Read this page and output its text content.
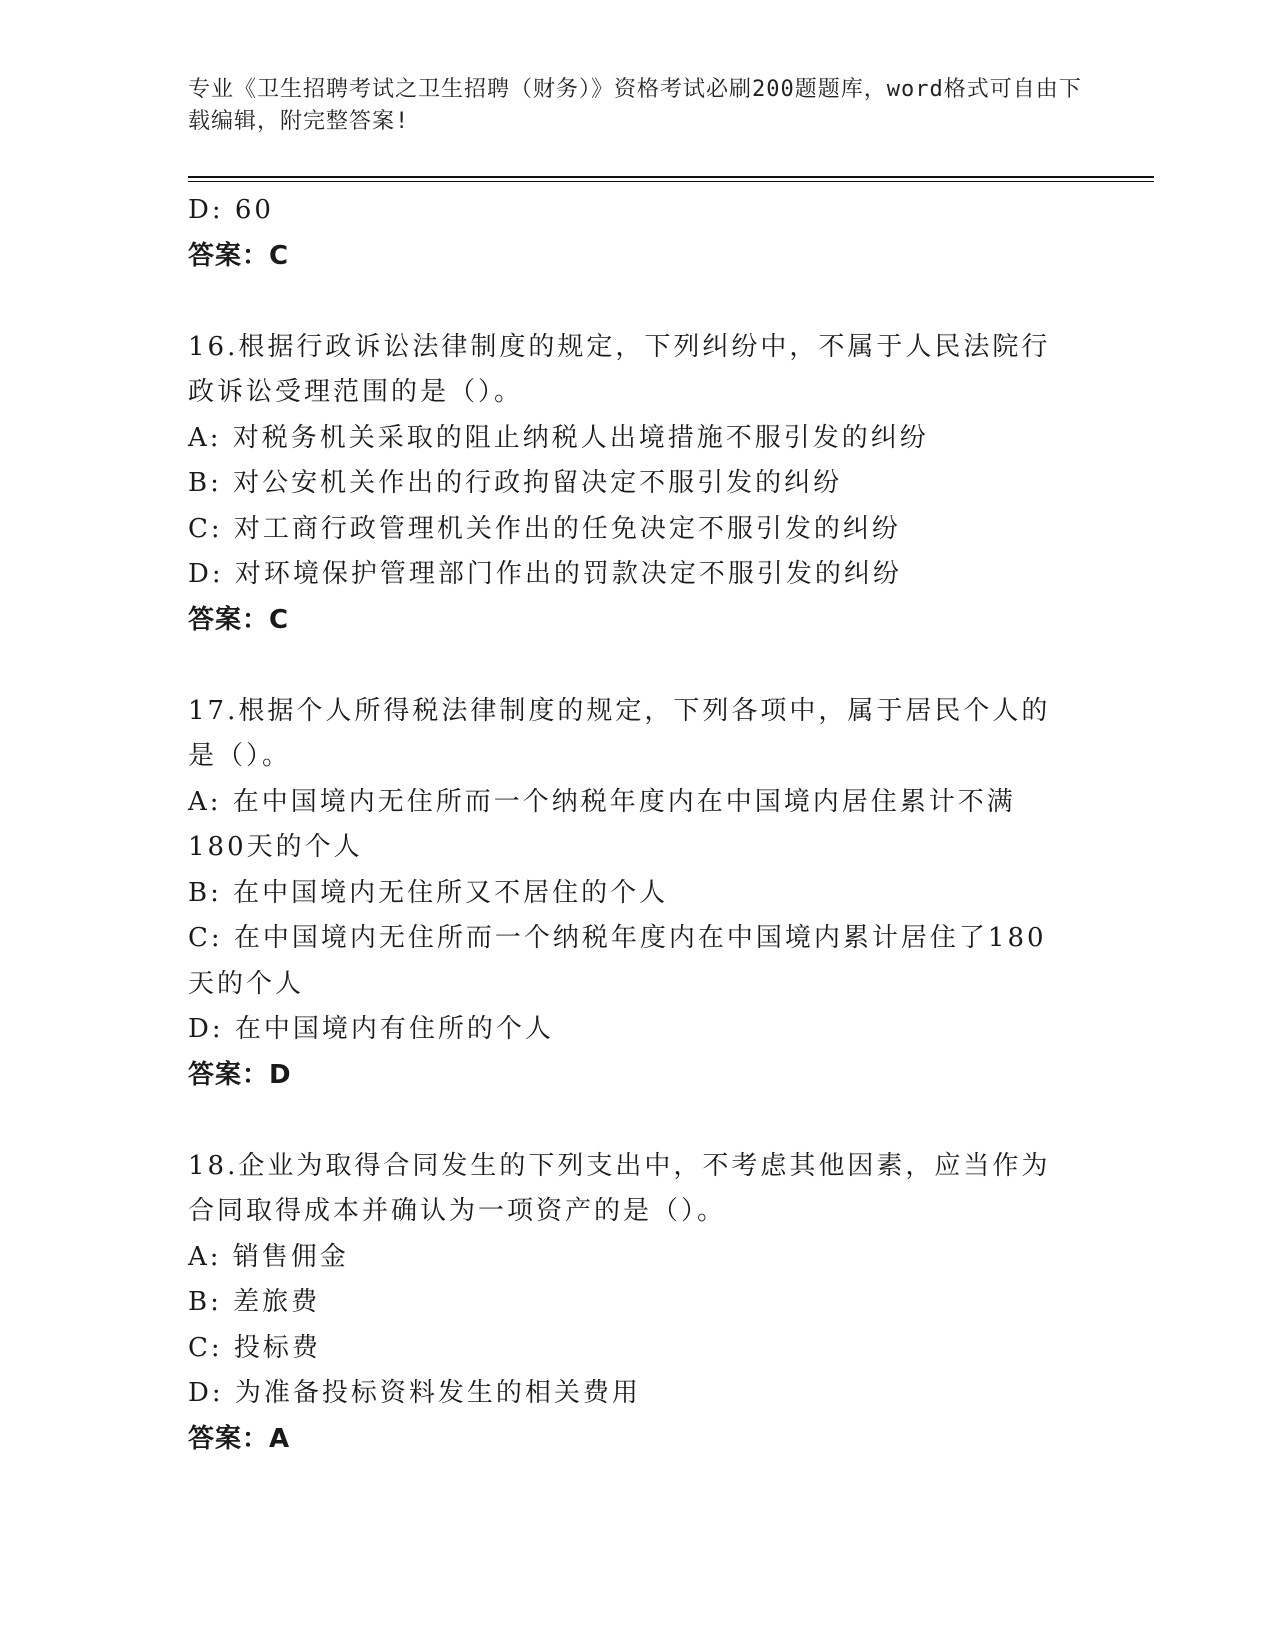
专业《卫生招聘考试之卫生招聘（财务）》资格考试必刷200题题库，word格式可自由下载编辑，附完整答案!
D: 60
答案：C
16.根据行政诉讼法律制度的规定，下列纠纷中，不属于人民法院行政诉讼受理范围的是（）。
A: 对税务机关采取的阻止纳税人出境措施不服引发的纠纷
B: 对公安机关作出的行政拘留决定不服引发的纠纷
C: 对工商行政管理机关作出的任免决定不服引发的纠纷
D: 对环境保护管理部门作出的罚款决定不服引发的纠纷
答案：C
17.根据个人所得税法律制度的规定，下列各项中，属于居民个人的是（）。
A: 在中国境内无住所而一个纳税年度内在中国境内居住累计不满180天的个人
B: 在中国境内无住所又不居住的个人
C: 在中国境内无住所而一个纳税年度内在中国境内累计居住了180天的个人
D: 在中国境内有住所的个人
答案：D
18.企业为取得合同发生的下列支出中，不考虑其他因素，应当作为合同取得成本并确认为一项资产的是（）。
A: 销售佣金
B: 差旅费
C: 投标费
D: 为准备投标资料发生的相关费用
答案：A
